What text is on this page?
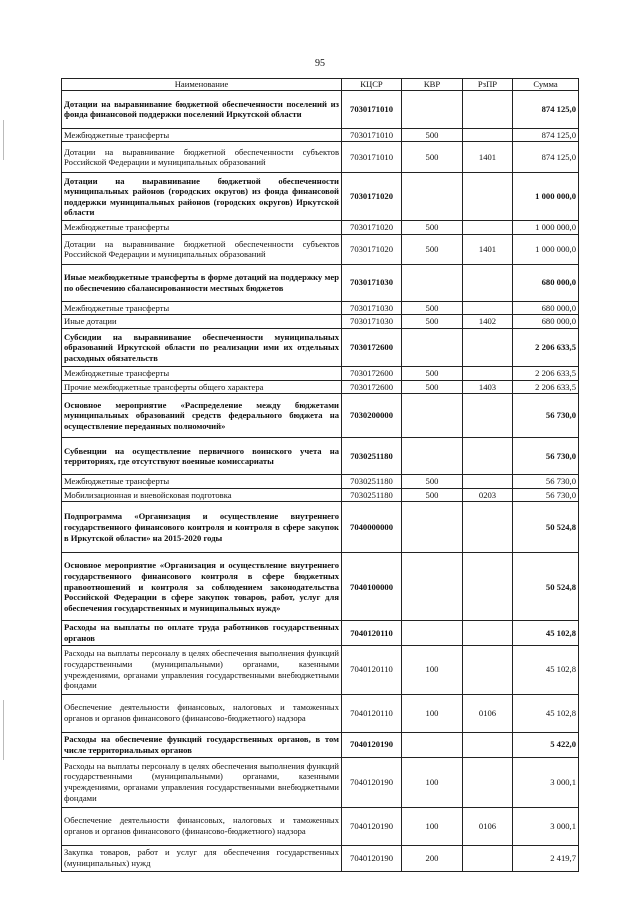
95
Наименование	КЦСР	КВР	РзПР	Сумма
Дотации на выравнивание бюджетной обеспеченности поселений из фонда финансовой поддержки поселений Иркутской области	7030171010			874 125,0
Межбюджетные трансферты	7030171010	500		874 125,0
Дотации на выравнивание бюджетной обеспеченности субъектов Российской Федерации и муниципальных образований	7030171010	500	1401	874 125,0
Дотации на выравнивание бюджетной обеспеченности муниципальных районов (городских округов) из фонда финансовой поддержки муниципальных районов (городских округов) Иркутской области	7030171020			1 000 000,0
Межбюджетные трансферты	7030171020	500		1 000 000,0
Дотации на выравнивание бюджетной обеспеченности субъектов Российской Федерации и муниципальных образований	7030171020	500	1401	1 000 000,0
Иные межбюджетные трансферты в форме дотаций на поддержку мер по обеспечению сбалансированности местных бюджетов	7030171030			680 000,0
Межбюджетные трансферты	7030171030	500		680 000,0
Иные дотации	7030171030	500	1402	680 000,0
Субсидии на выравнивание обеспеченности муниципальных образований Иркутской области по реализации ими их отдельных расходных обязательств	7030172600			2 206 633,5
Межбюджетные трансферты	7030172600	500		2 206 633,5
Прочие межбюджетные трансферты общего характера	7030172600	500	1403	2 206 633,5
Основное мероприятие «Распределение между бюджетами муниципальных образований средств федерального бюджета на осуществление переданных полномочий»	7030200000			56 730,0
Субвенции на осуществление первичного воинского учета на территориях, где отсутствуют военные комиссариаты	7030251180			56 730,0
Межбюджетные трансферты	7030251180	500		56 730,0
Мобилизационная и вневойсковая подготовка	7030251180	500	0203	56 730,0
Подпрограмма «Организация и осуществление внутреннего государственного финансового контроля и контроля в сфере закупок в Иркутской области» на 2015-2020 годы	7040000000			50 524,8
Основное мероприятие «Организация и осуществление внутреннего государственного финансового контроля в сфере бюджетных правоотношений и контроля за соблюдением законодательства Российской Федерации в сфере закупок товаров, работ, услуг для обеспечения государственных и муниципальных нужд»	7040100000			50 524,8
Расходы на выплаты по оплате труда работников государственных органов	7040120110			45 102,8
Расходы на выплаты персоналу в целях обеспечения выполнения функций государственными (муниципальными) органами, казенными учреждениями, органами управления государственными внебюджетными фондами	7040120110	100		45 102,8
Обеспечение деятельности финансовых, налоговых и таможенных органов и органов финансового (финансово-бюджетного) надзора	7040120110	100	0106	45 102,8
Расходы на обеспечение функций государственных органов, в том числе территориальных органов	7040120190			5 422,0
Расходы на выплаты персоналу в целях обеспечения выполнения функций государственными (муниципальными) органами, казенными учреждениями, органами управления государственными внебюджетными фондами	7040120190	100		3 000,1
Обеспечение деятельности финансовых, налоговых и таможенных органов и органов финансового (финансово-бюджетного) надзора	7040120190	100	0106	3 000,1
Закупка товаров, работ и услуг для обеспечения государственных (муниципальных) нужд	7040120190	200		2 419,7
